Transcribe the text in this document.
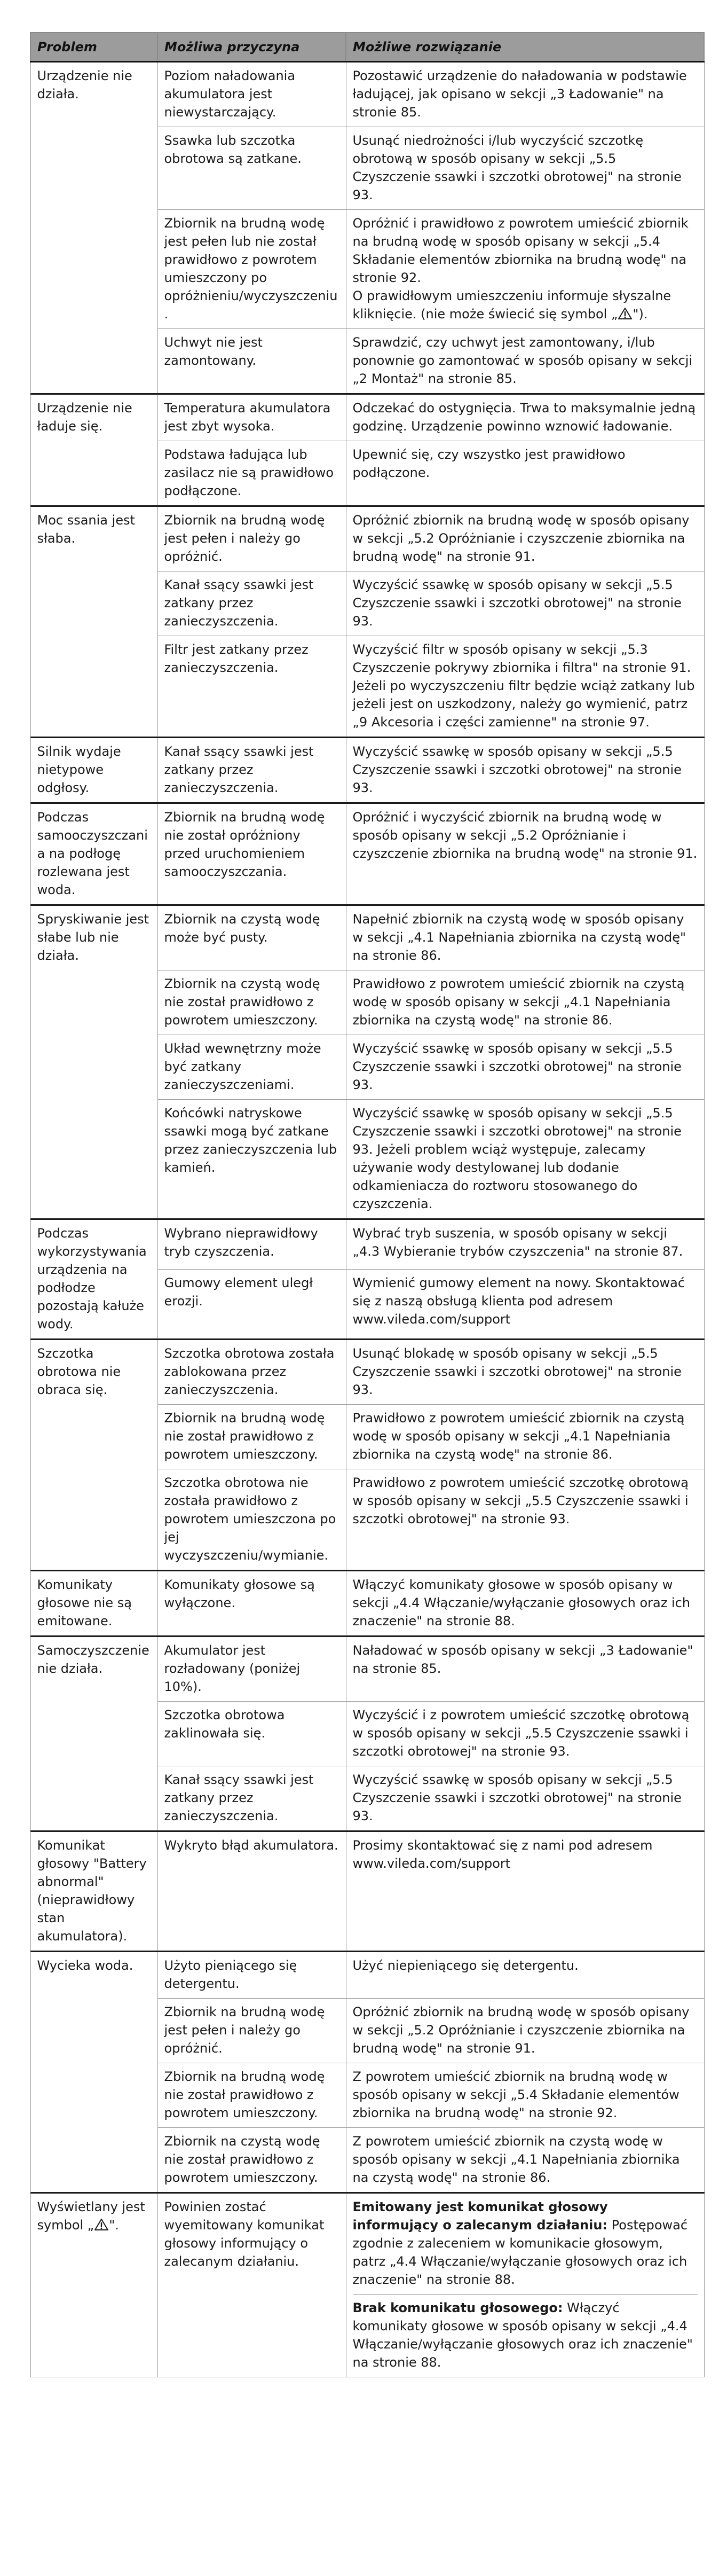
Problem	Możliwa przyczyna	Możliwe rozwiązanie
Urządzenie nie działa.	Poziom naładowania akumulatora jest niewystarczający.	Pozostawić urządzenie do naładowania w podstawie ładującej, jak opisano w sekcji „3 Ładowanie" na stronie 85.

	Ssawka lub szczotka obrotowa są zatkane.	Usunąć niedrożności i/lub wyczyścić szczotkę obrotową w sposób opisany w sekcji „5.5 Czyszczenie ssawki i szczotki obrotowej" na stronie 93.

	Zbiornik na brudną wodę jest pełen lub nie został prawidłowo z powrotem umieszczony po opróżnieniu/wyczyszczeniu.	Opróżnić i prawidłowo z powrotem umieścić zbiornik na brudną wodę w sposób opisany w sekcji „5.4 Składanie elementów zbiornika na brudną wodę" na stronie 92.
O prawidłowym umieszczeniu informuje słyszalne kliknięcie. (nie może świecić się symbol „ ").

	Uchwyt nie jest zamontowany.	Sprawdzić, czy uchwyt jest zamontowany, i/lub ponownie go zamontować w sposób opisany w sekcji „2 Montaż" na stronie 85.

Urządzenie nie ładuje się.	Temperatura akumulatora jest zbyt wysoka.	Odczekać do ostygnięcia. Trwa to maksymalnie jedną godzinę. Urządzenie powinno wznowić ładowanie.

	Podstawa ładująca lub zasilacz nie są prawidłowo podłączone.	Upewnić się, czy wszystko jest prawidłowo podłączone.

Moc ssania jest słaba.	Zbiornik na brudną wodę jest pełen i należy go opróżnić.	Opróżnić zbiornik na brudną wodę w sposób opisany w sekcji „5.2 Opróżnianie i czyszczenie zbiornika na brudną wodę" na stronie 91.

	Kanał ssący ssawki jest zatkany przez zanieczyszczenia.	Wyczyścić ssawkę w sposób opisany w sekcji „5.5 Czyszczenie ssawki i szczotki obrotowej" na stronie 93.

	Filtr jest zatkany przez zanieczyszczenia.	Wyczyścić filtr w sposób opisany w sekcji „5.3 Czyszczenie pokrywy zbiornika i filtra" na stronie 91. Jeżeli po wyczyszczeniu filtr będzie wciąż zatkany lub jeżeli jest on uszkodzony, należy go wymienić, patrz „9 Akcesoria i części zamienne" na stronie 97.

Silnik wydaje nietypowe odgłosy.	Kanał ssący ssawki jest zatkany przez zanieczyszczenia.	Wyczyścić ssawkę w sposób opisany w sekcji „5.5 Czyszczenie ssawki i szczotki obrotowej" na stronie 93.

Podczas samooczyszczania na podłogę rozlewana jest woda.	Zbiornik na brudną wodę nie został opróżniony przed uruchomieniem samooczyszczania.	Opróżnić i wyczyścić zbiornik na brudną wodę w sposób opisany w sekcji „5.2 Opróżnianie i czyszczenie zbiornika na brudną wodę" na stronie 91.

Spryskiwanie jest słabe lub nie działa.	Zbiornik na czystą wodę może być pusty.	Napełnić zbiornik na czystą wodę w sposób opisany w sekcji „4.1 Napełniania zbiornika na czystą wodę" na stronie 86.

	Zbiornik na czystą wodę nie został prawidłowo z powrotem umieszczony.	Prawidłowo z powrotem umieścić zbiornik na czystą wodę w sposób opisany w sekcji „4.1 Napełniania zbiornika na czystą wodę" na stronie 86.

	Układ wewnętrzny może być zatkany zanieczyszczeniami.	Wyczyścić ssawkę w sposób opisany w sekcji „5.5 Czyszczenie ssawki i szczotki obrotowej" na stronie 93.

	Końcówki natryskowe ssawki mogą być zatkane przez zanieczyszczenia lub kamień.	Wyczyścić ssawkę w sposób opisany w sekcji „5.5 Czyszczenie ssawki i szczotki obrotowej" na stronie 93. Jeżeli problem wciąż występuje, zalecamy używanie wody destylowanej lub dodanie odkamieniacza do roztworu stosowanego do czyszczenia.

Podczas wykorzystywania urządzenia na podłodze pozostają kałuże wody.	Wybrano nieprawidłowy tryb czyszczenia.	Wybrać tryb suszenia, w sposób opisany w sekcji „4.3 Wybieranie trybów czyszczenia" na stronie 87.

	Gumowy element uległ erozji.	Wymienić gumowy element na nowy. Skontaktować się z naszą obsługą klienta pod adresem www.vileda.com/support

Szczotka obrotowa nie obraca się.	Szczotka obrotowa została zablokowana przez zanieczyszczenia.	Usunąć blokadę w sposób opisany w sekcji „5.5 Czyszczenie ssawki i szczotki obrotowej" na stronie 93.

	Zbiornik na brudną wodę nie został prawidłowo z powrotem umieszczony.	Prawidłowo z powrotem umieścić zbiornik na czystą wodę w sposób opisany w sekcji „4.1 Napełniania zbiornika na czystą wodę" na stronie 86.

	Szczotka obrotowa nie została prawidłowo z powrotem umieszczona po jej wyczyszczeniu/wymianie.	Prawidłowo z powrotem umieścić szczotkę obrotową w sposób opisany w sekcji „5.5 Czyszczenie ssawki i szczotki obrotowej" na stronie 93.

Komunikaty głosowe nie są emitowane.	Komunikaty głosowe są wyłączone.	Włączyć komunikaty głosowe w sposób opisany w sekcji „4.4 Włączanie/wyłączanie głosowych oraz ich znaczenie" na stronie 88.

Samoczyszczenie nie działa.	Akumulator jest rozładowany (poniżej 10%).	Naładować w sposób opisany w sekcji „3 Ładowanie" na stronie 85.

	Szczotka obrotowa zaklinowała się.	Wyczyścić i z powrotem umieścić szczotkę obrotową w sposób opisany w sekcji „5.5 Czyszczenie ssawki i szczotki obrotowej" na stronie 93.

	Kanał ssący ssawki jest zatkany przez zanieczyszczenia.	Wyczyścić ssawkę w sposób opisany w sekcji „5.5 Czyszczenie ssawki i szczotki obrotowej" na stronie 93.

Komunikat głosowy "Battery abnormal" (nieprawidłowy stan akumulatora).	Wykryto błąd akumulatora.	Prosimy skontaktować się z nami pod adresem www.vileda.com/support

Wycieka woda.	Użyto pieniącego się detergentu.	Użyć niepieniącego się detergentu.

	Zbiornik na brudną wodę jest pełen i należy go opróżnić.	Opróżnić zbiornik na brudną wodę w sposób opisany w sekcji „5.2 Opróżnianie i czyszczenie zbiornika na brudną wodę" na stronie 91.

	Zbiornik na brudną wodę nie został prawidłowo z powrotem umieszczony.	Z powrotem umieścić zbiornik na brudną wodę w sposób opisany w sekcji „5.4 Składanie elementów zbiornika na brudną wodę" na stronie 92.

	Zbiornik na czystą wodę nie został prawidłowo z powrotem umieszczony.	Z powrotem umieścić zbiornik na czystą wodę w sposób opisany w sekcji „4.1 Napełniania zbiornika na czystą wodę" na stronie 86.

Wyświetlany jest symbol „ ".	Powinien zostać wyemitowany komunikat głosowy informujący o zalecanym działaniu.	Emitowany jest komunikat głosowy informujący o zalecanym działaniu: Postępować zgodnie z zaleceniem w komunikacie głosowym, patrz „4.4 Włączanie/wyłączanie głosowych oraz ich znaczenie" na stronie 88.
Brak komunikatu głosowego: Włączyć komunikaty głosowe w sposób opisany w sekcji „4.4 Włączanie/wyłączanie głosowych oraz ich znaczenie" na stronie 88.
